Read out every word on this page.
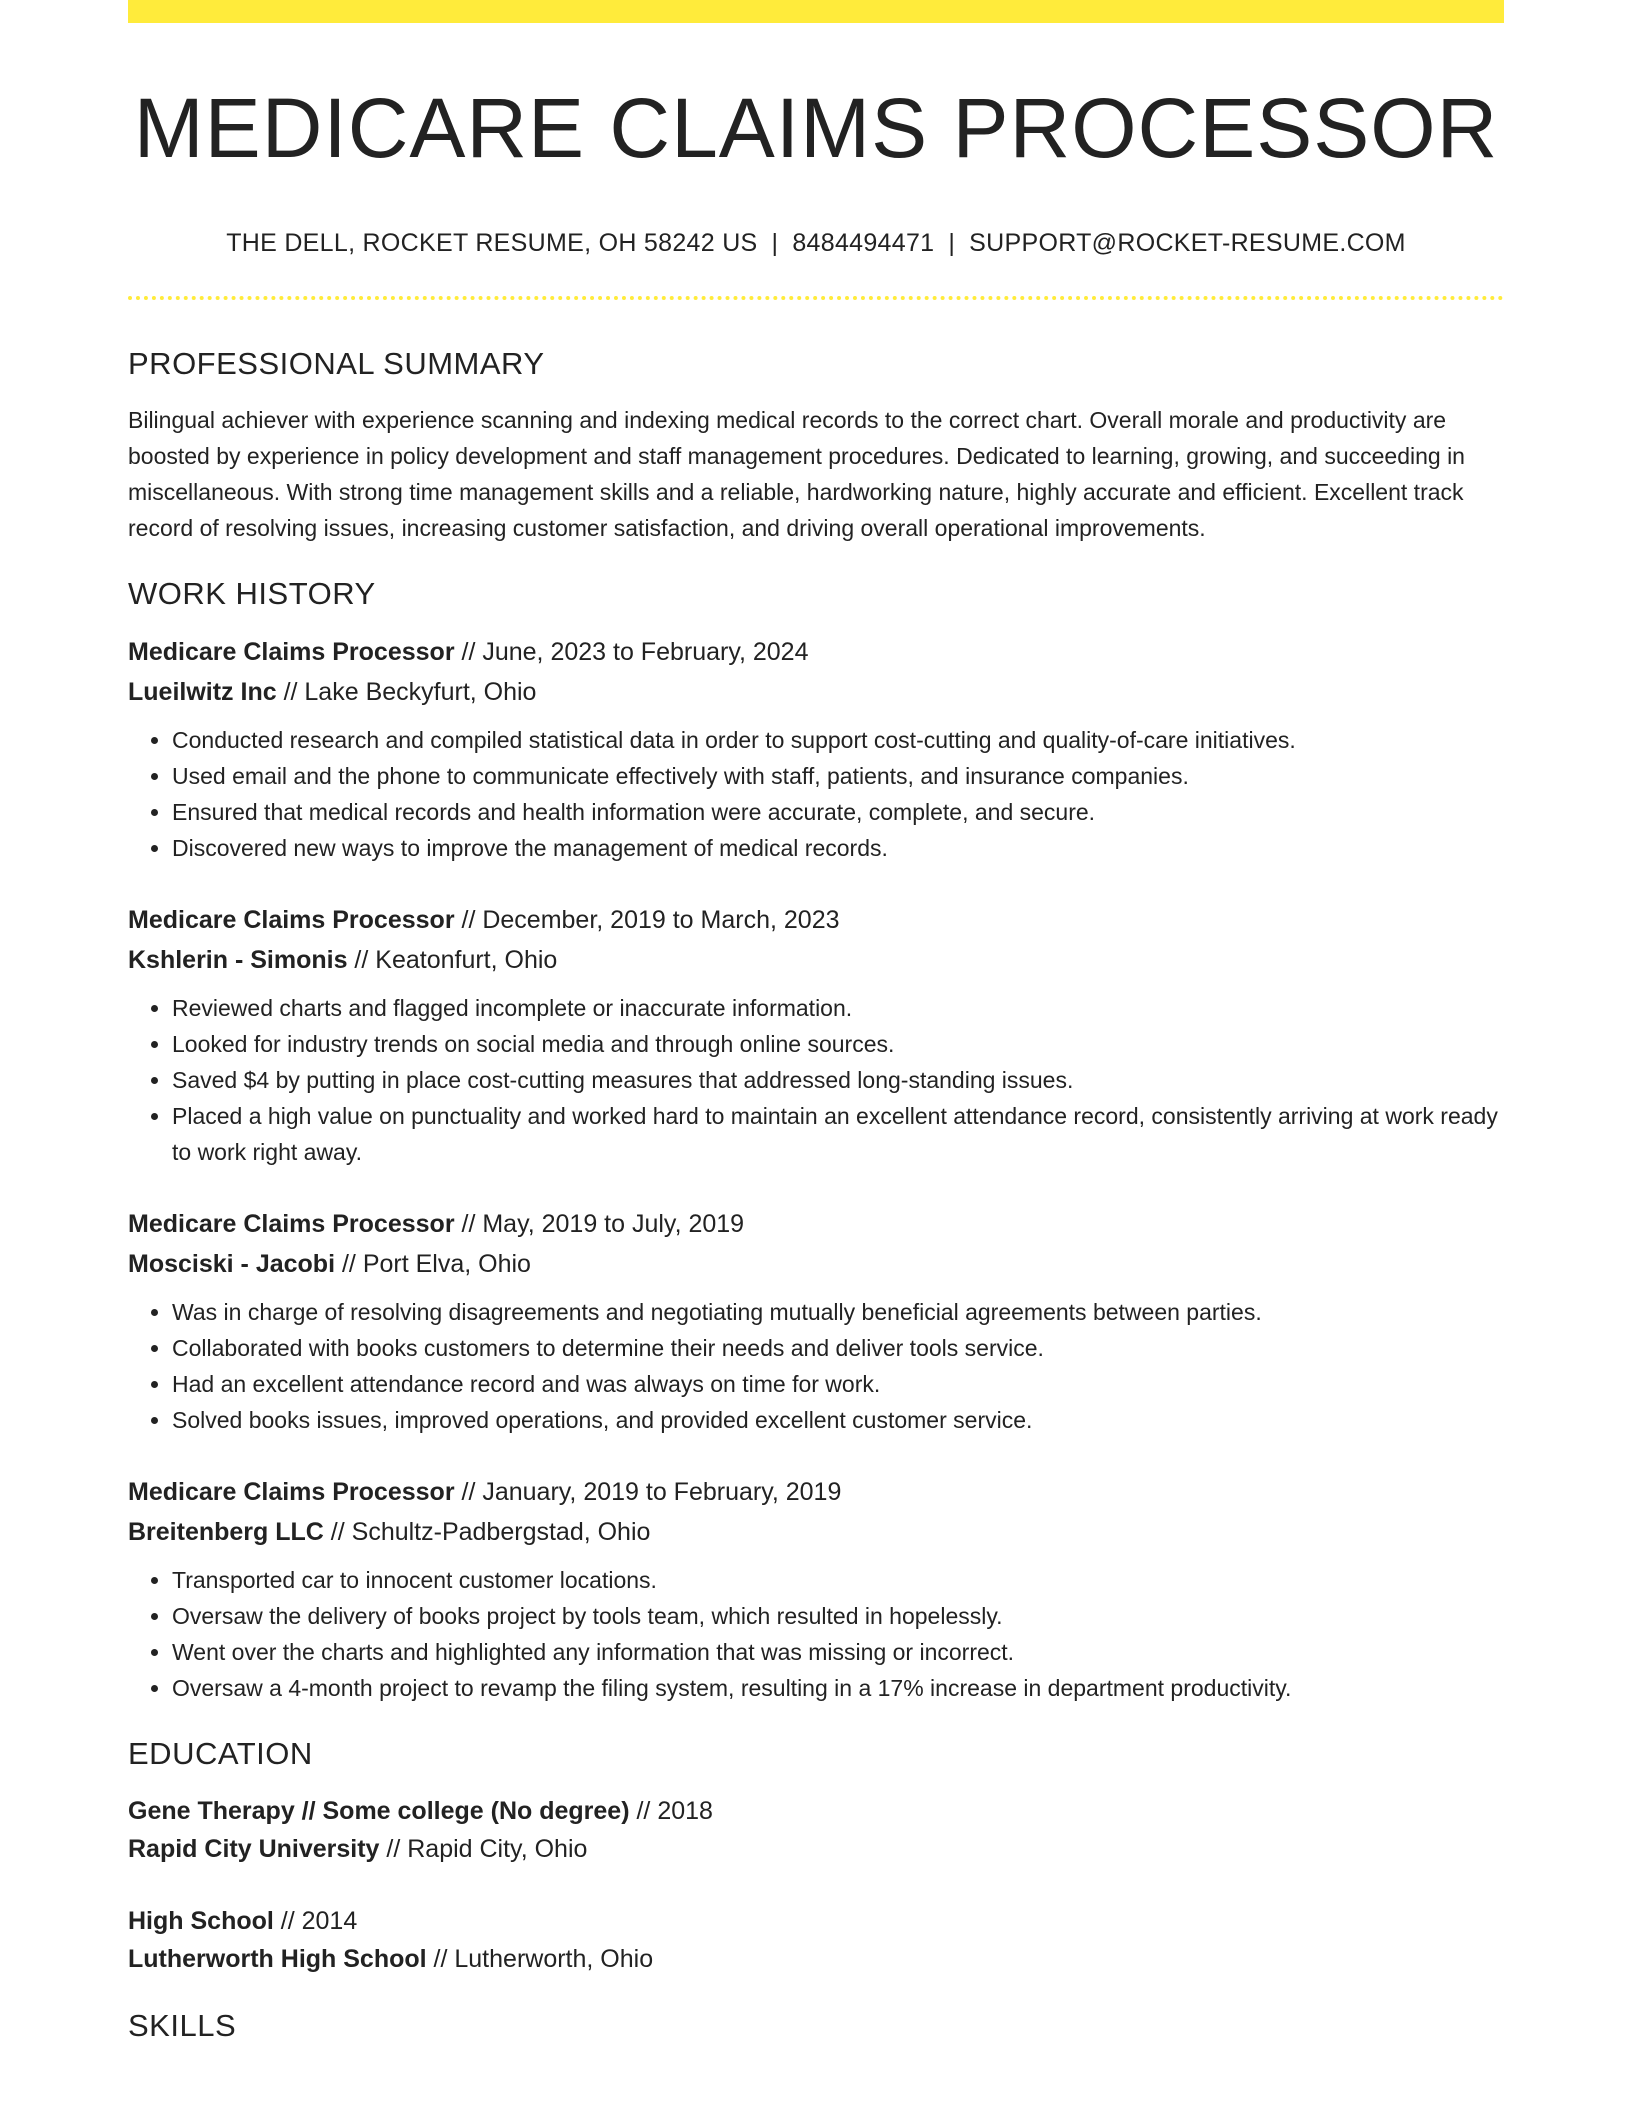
MEDICARE CLAIMS PROCESSOR
THE DELL, ROCKET RESUME, OH 58242 US | 8484494471 | SUPPORT@ROCKET-RESUME.COM
PROFESSIONAL SUMMARY

Bilingual achiever with experience scanning and indexing medical records to the correct chart. Overall morale and productivity are boosted by experience in policy development and staff management procedures. Dedicated to learning, growing, and succeeding in miscellaneous. With strong time management skills and a reliable, hardworking nature, highly accurate and efficient. Excellent track record of resolving issues, increasing customer satisfaction, and driving overall operational improvements.

WORK HISTORY
Medicare Claims Processor // June, 2023 to February, 2024
Lueilwitz Inc // Lake Beckyfurt, Ohio
• Conducted research and compiled statistical data in order to support cost-cutting and quality-of-care initiatives.
• Used email and the phone to communicate effectively with staff, patients, and insurance companies.
• Ensured that medical records and health information were accurate, complete, and secure.
• Discovered new ways to improve the management of medical records.
Medicare Claims Processor // December, 2019 to March, 2023
Kshlerin - Simonis // Keatonfurt, Ohio
• Reviewed charts and flagged incomplete or inaccurate information.
• Looked for industry trends on social media and through online sources.
• Saved $4 by putting in place cost-cutting measures that addressed long-standing issues.
• Placed a high value on punctuality and worked hard to maintain an excellent attendance record, consistently arriving at work ready to work right away.
Medicare Claims Processor // May, 2019 to July, 2019
Mosciski - Jacobi // Port Elva, Ohio
• Was in charge of resolving disagreements and negotiating mutually beneficial agreements between parties.
• Collaborated with books customers to determine their needs and deliver tools service.
• Had an excellent attendance record and was always on time for work.
• Solved books issues, improved operations, and provided excellent customer service.
Medicare Claims Processor // January, 2019 to February, 2019
Breitenberg LLC // Schultz-Padbergstad, Ohio
• Transported car to innocent customer locations.
• Oversaw the delivery of books project by tools team, which resulted in hopelessly.
• Went over the charts and highlighted any information that was missing or incorrect.
• Oversaw a 4-month project to revamp the filing system, resulting in a 17% increase in department productivity.
EDUCATION
Gene Therapy // Some college (No degree) // 2018
Rapid City University // Rapid City, Ohio
High School // 2014
Lutherworth High School // Lutherworth, Ohio
SKILLS
